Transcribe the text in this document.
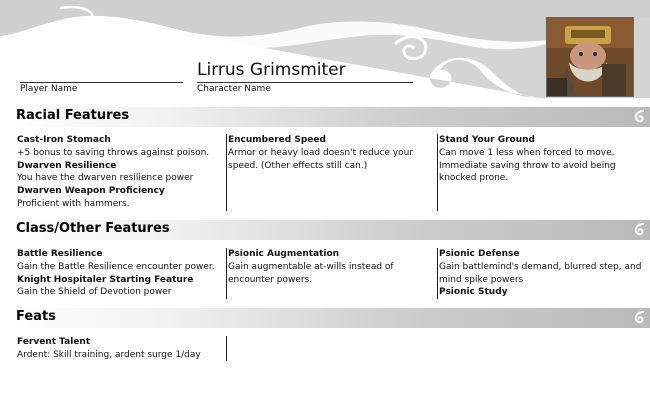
Player Name
Lirrus Grimsmiter
Character Name
Racial Features
Cast-Iron Stomach
+5 bonus to saving throws against poison.
Dwarven Resilience
You have the dwarven resilience power
Dwarven Weapon Proficiency
Proficient with hammers.
Encumbered Speed
Armor or heavy load doesn't reduce your speed. (Other effects still can.)
Stand Your Ground
Can move 1 less when forced to move. Immediate saving throw to avoid being knocked prone.
Class/Other Features
Battle Resilience
Gain the Battle Resilience encounter power.
Knight Hospitaler Starting Feature
Gain the Shield of Devotion power
Psionic Augmentation
Gain augmentable at-wills instead of encounter powers.
Psionic Defense
Gain battlemind's demand, blurred step, and mind spike powers
Psionic Study
Feats
Fervent Talent
Ardent: Skill training, ardent surge 1/day
